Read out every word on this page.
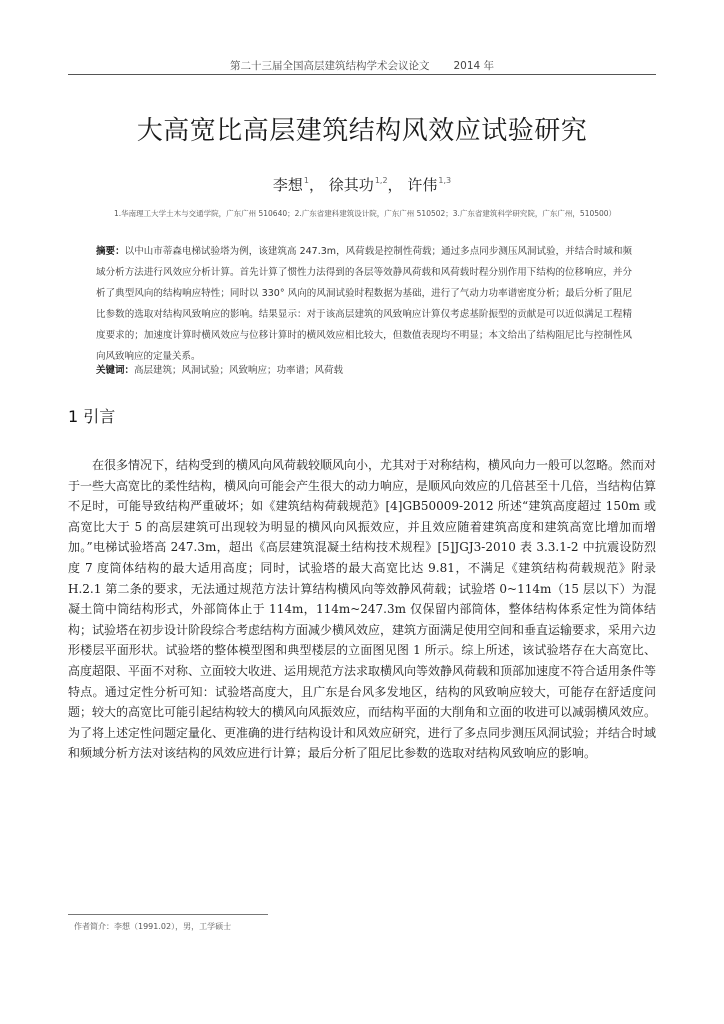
第二十三届全国高层建筑结构学术会议论文 2014 年
大高宽比高层建筑结构风效应试验研究
李想$^1$， 徐其功$^{1,2}$， 许伟$^{1,3}$
1.华南理工大学土木与交通学院，广东广州 510640；2.广东省建科建筑设计院，广东广州 510502；3.广东省建筑科学研究院，广东广州，510500）

摘要：以中山市蒂森电梯试验塔为例，该建筑高 247.3m，风荷载是控制性荷载；通过多点同步测压风洞试验，并结合时域和频域分析方法进行风效应分析计算。首先计算了惯性力法得到的各层等效静风荷载和风荷载时程分别作用下结构的位移响应，并分析了典型风向的结构响应特性；同时以 330° 风向的风洞试验时程数据为基础，进行了气动力功率谱密度分析；最后分析了阻尼比参数的选取对结构风致响应的影响。结果显示：对于该高层建筑的风致响应计算仅考虑基阶振型的贡献是可以近似满足工程精度要求的；加速度计算时横风效应与位移计算时的横风效应相比较大，但数值表现均不明显；本文给出了结构阻尼比与控制性风向风致响应的定量关系。

关键词：高层建筑；风洞试验；风致响应；功率谱；风荷载
1 引言

在很多情况下，结构受到的横风向风荷载较顺风向小，尤其对于对称结构，横风向力一般可以忽略。然而对于一些大高宽比的柔性结构，横风向可能会产生很大的动力响应，是顺风向效应的几倍甚至十几倍，当结构估算不足时，可能导致结构严重破坏；如《建筑结构荷载规范》[4]GB50009-2012 所述“建筑高度超过 150m 或高宽比大于 5 的高层建筑可出现较为明显的横风向风振效应，并且效应随着建筑高度和建筑高宽比增加而增加。”电梯试验塔高 247.3m，超出《高层建筑混凝土结构技术规程》[5]JGJ3-2010 表 3.3.1-2 中抗震设防烈度 7 度筒体结构的最大适用高度；同时，试验塔的最大高宽比达 9.81，不满足《建筑结构荷载规范》附录 H.2.1 第二条的要求，无法通过规范方法计算结构横风向等效静风荷载；试验塔 0~114m（15 层以下）为混凝土筒中筒结构形式，外部筒体止于 114m，114m~247.3m 仅保留内部筒体，整体结构体系定性为筒体结构；试验塔在初步设计阶段综合考虑结构方面减少横风效应，建筑方面满足使用空间和垂直运输要求，采用六边形楼层平面形状。试验塔的整体模型图和典型楼层的立面图见图 1 所示。综上所述，该试验塔存在大高宽比、高度超限、平面不对称、立面较大收进、运用规范方法求取横风向等效静风荷载和顶部加速度不符合适用条件等特点。通过定性分析可知：试验塔高度大，且广东是台风多发地区，结构的风致响应较大，可能存在舒适度问题；较大的高宽比可能引起结构较大的横风向风振效应，而结构平面的大削角和立面的收进可以减弱横风效应。为了将上述定性问题定量化、更准确的进行结构设计和风效应研究，进行了多点同步测压风洞试验；并结合时域和频域分析方法对该结构的风效应进行计算；最后分析了阻尼比参数的选取对结构风致响应的影响。

作者简介：李想（1991.02），男，工学硕士
